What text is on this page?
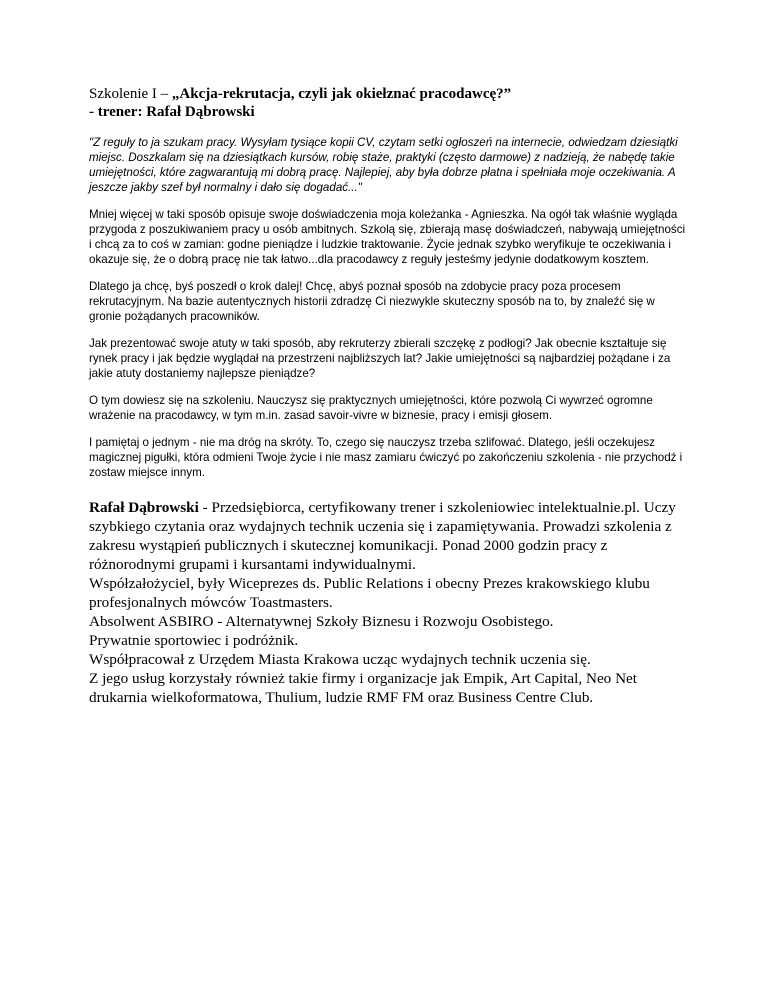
Szkolenie I – „Akcja-rekrutacja, czyli jak okiełznać pracodawcę?”
- trener: Rafał Dąbrowski

"Z reguły to ja szukam pracy. Wysyłam tysiące kopii CV, czytam setki ogłoszeń na internecie, odwiedzam dziesiątki miejsc. Doszkalam się na dziesiątkach kursów, robię staże, praktyki (często darmowe) z nadzieją, że nabędę takie umiejętności, które zagwarantują mi dobrą pracę. Najlepiej, aby była dobrze płatna i spełniała moje oczekiwania. A jeszcze jakby szef był normalny i dało się dogadać..."

Mniej więcej w taki sposób opisuje swoje doświadczenia moja koleżanka - Agnieszka. Na ogół tak właśnie wygląda przygoda z poszukiwaniem pracy u osób ambitnych. Szkolą się, zbierają masę doświadczeń, nabywają umiejętności i chcą za to coś w zamian: godne pieniądze i ludzkie traktowanie. Życie jednak szybko weryfikuje te oczekiwania i okazuje się, że o dobrą pracę nie tak łatwo...dla pracodawcy z reguły jesteśmy jedynie dodatkowym kosztem.

Dlatego ja chcę, byś poszedł o krok dalej! Chcę, abyś poznał sposób na zdobycie pracy poza procesem rekrutacyjnym. Na bazie autentycznych historii zdradzę Ci niezwykle skuteczny sposób na to, by znaleźć się w gronie pożądanych pracowników.

Jak prezentować swoje atuty w taki sposób, aby rekruterzy zbierali szczękę z podłogi? Jak obecnie kształtuje się rynek pracy i jak będzie wyglądał na przestrzeni najbliższych lat? Jakie umiejętności są najbardziej pożądane i za jakie atuty dostaniemy najlepsze pieniądze?

O tym dowiesz się na szkoleniu. Nauczysz się praktycznych umiejętności, które pozwolą Ci wywrzeć ogromne wrażenie na pracodawcy, w tym m.in. zasad savoir-vivre w biznesie, pracy i emisji głosem.

I pamiętaj o jednym - nie ma dróg na skróty. To, czego się nauczysz trzeba szlifować. Dlatego, jeśli oczekujesz magicznej pigułki, która odmieni Twoje życie i nie masz zamiaru ćwiczyć po zakończeniu szkolenia - nie przychodź i zostaw miejsce innym.

Rafał Dąbrowski - Przedsiębiorca, certyfikowany trener i szkoleniowiec intelektualnie.pl. Uczy szybkiego czytania oraz wydajnych technik uczenia się i zapamiętywania. Prowadzi szkolenia z zakresu wystąpień publicznych i skutecznej komunikacji. Ponad 2000 godzin pracy z różnorodnymi grupami i kursantami indywidualnymi.
Współzałożyciel, były Wiceprezes ds. Public Relations i obecny Prezes krakowskiego klubu profesjonalnych mówców Toastmasters.
Absolwent ASBIRO - Alternatywnej Szkoły Biznesu i Rozwoju Osobistego.
Prywatnie sportowiec i podróżnik.
Współpracował z Urzędem Miasta Krakowa ucząc wydajnych technik uczenia się.
Z jego usług korzystały również takie firmy i organizacje jak Empik, Art Capital, Neo Net drukarnia wielkoformatowa, Thulium, ludzie RMF FM oraz Business Centre Club.
